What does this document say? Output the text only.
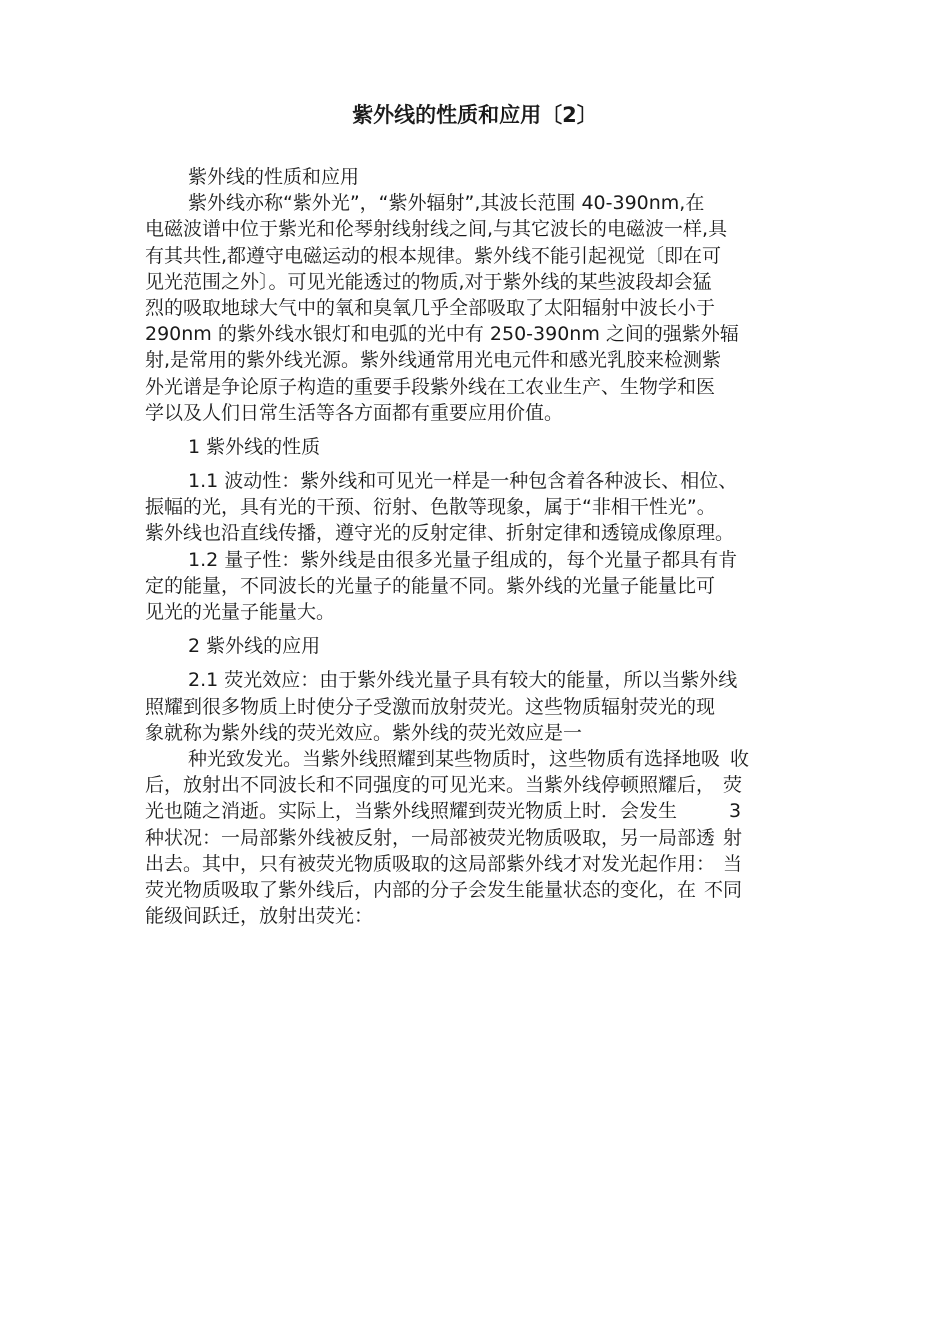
紫外线的性质和应用〔2〕
紫外线的性质和应用
紫外线亦称“紫外光”，“紫外辐射”,其波长范围 40-390nm,在
电磁波谱中位于紫光和伦琴射线射线之间,与其它波长的电磁波一样,具
有其共性,都遵守电磁运动的根本规律。紫外线不能引起视觉〔即在可
见光范围之外〕。可见光能透过的物质,对于紫外线的某些波段却会猛
烈的吸取地球大气中的氧和臭氧几乎全部吸取了太阳辐射中波长小于
290nm 的紫外线水银灯和电弧的光中有 250-390nm 之间的强紫外辐
射,是常用的紫外线光源。紫外线通常用光电元件和感光乳胶来检测紫
外光谱是争论原子构造的重要手段紫外线在工农业生产、生物学和医
学以及人们日常生活等各方面都有重要应用价值。
1 紫外线的性质
1.1 波动性：紫外线和可见光一样是一种包含着各种波长、相位、
振幅的光，具有光的干预、衍射、色散等现象，属于“非相干性光”。
紫外线也沿直线传播，遵守光的反射定律、折射定律和透镜成像原理。
1.2 量子性：紫外线是由很多光量子组成的，每个光量子都具有肯
定的能量，不同波长的光量子的能量不同。紫外线的光量子能量比可
见光的光量子能量大。
2 紫外线的应用
2.1 荧光效应：由于紫外线光量子具有较大的能量，所以当紫外线
照耀到很多物质上时使分子受激而放射荧光。这些物质辐射荧光的现
象就称为紫外线的荧光效应。紫外线的荧光效应是一
种光致发光。当紫外线照耀到某些物质时，这些物质有选择地吸 收
后，放射出不同波长和不同强度的可见光来。当紫外线停顿照耀后， 荧
光也随之消逝。实际上，当紫外线照耀到荧光物质上时．会发生	3
种状况：一局部紫外线被反射，一局部被荧光物质吸取，另一局部透 射
出去。其中，只有被荧光物质吸取的这局部紫外线才对发光起作用： 当
荧光物质吸取了紫外线后，内部的分子会发生能量状态的变化，在 不同
能级间跃迁，放射出荧光：
